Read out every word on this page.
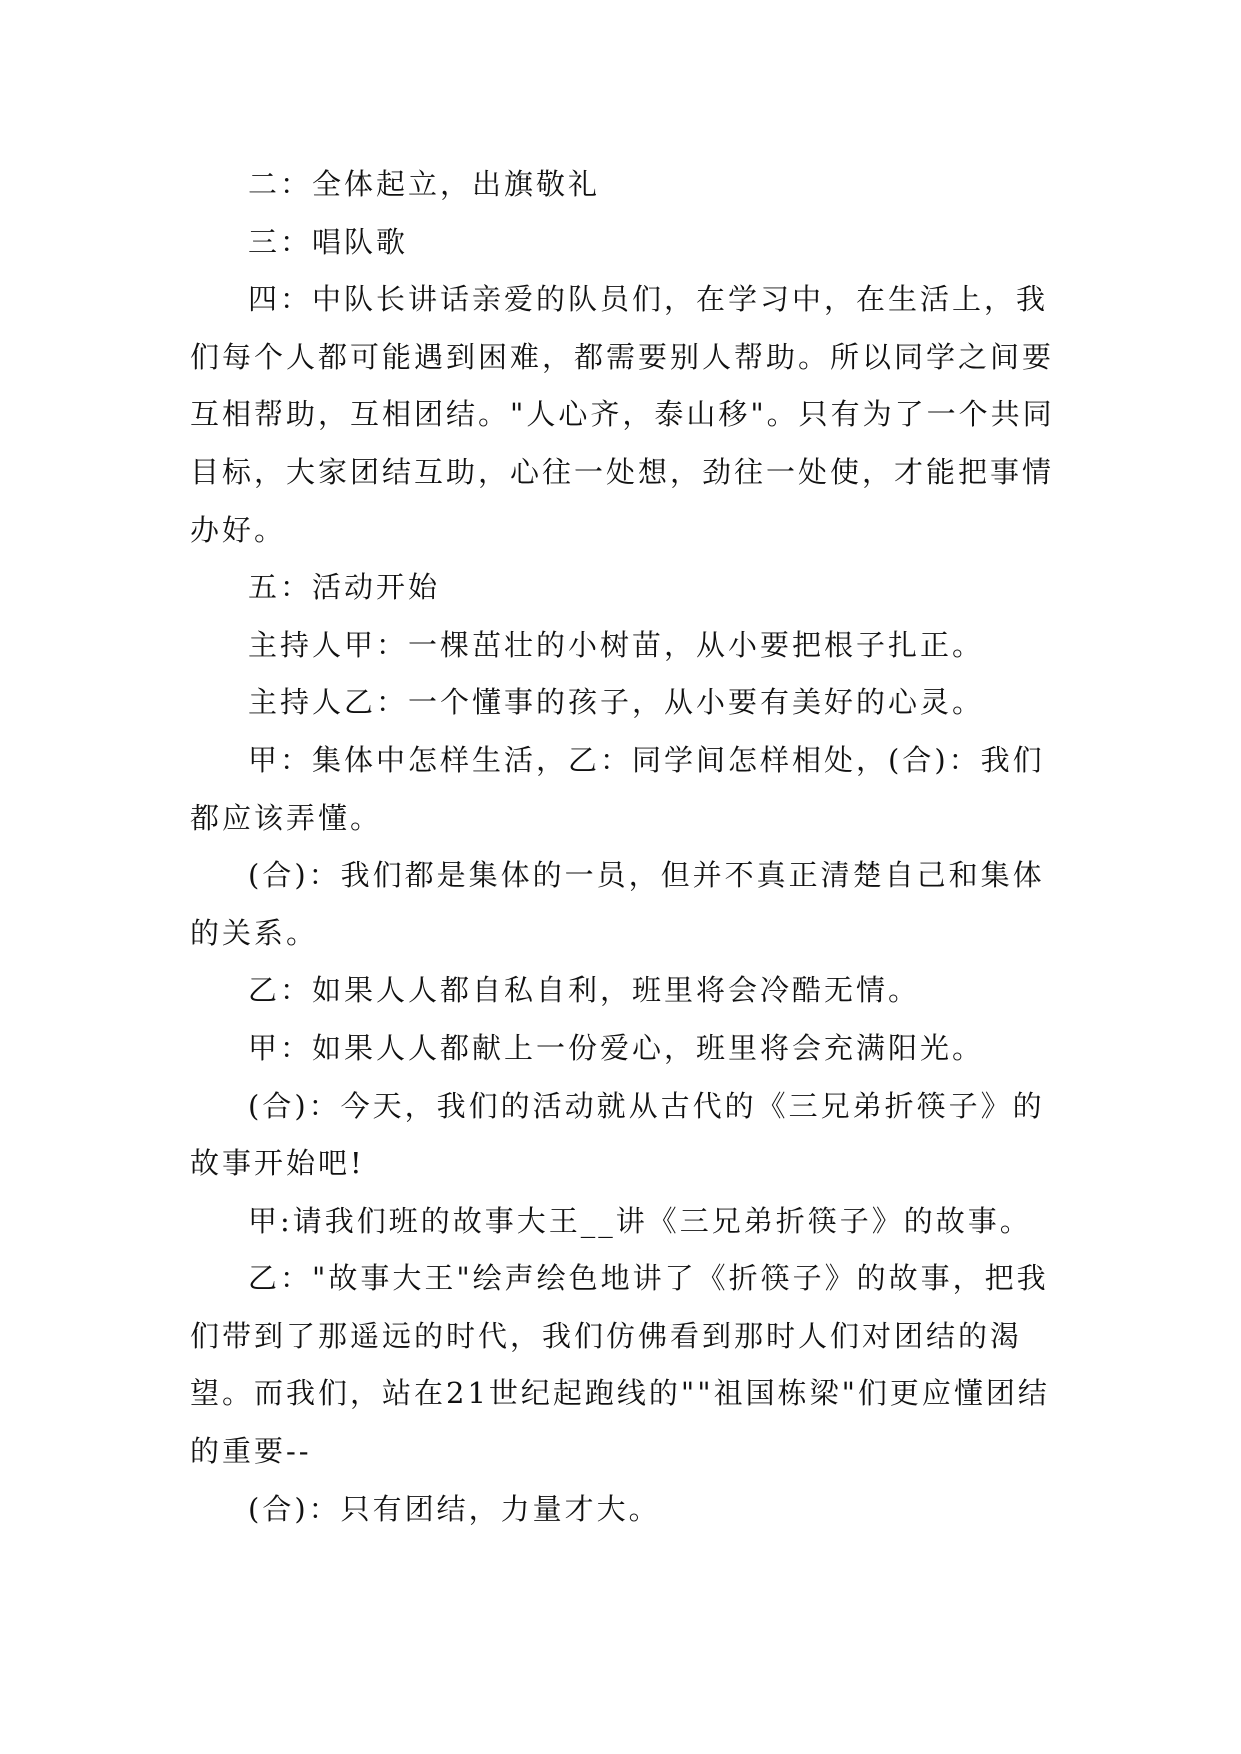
二：全体起立，出旗敬礼

三：唱队歌

四：中队长讲话亲爱的队员们，在学习中，在生活上，我们每个人都可能遇到困难，都需要别人帮助。所以同学之间要互相帮助，互相团结。"人心齐，泰山移"。只有为了一个共同目标，大家团结互助，心往一处想，劲往一处使，才能把事情办好。

五：活动开始

主持人甲：一棵茁壮的小树苗，从小要把根子扎正。

主持人乙：一个懂事的孩子，从小要有美好的心灵。

甲：集体中怎样生活，乙：同学间怎样相处，(合)：我们都应该弄懂。

(合)：我们都是集体的一员，但并不真正清楚自己和集体的关系。

乙：如果人人都自私自利，班里将会冷酷无情。

甲：如果人人都献上一份爱心，班里将会充满阳光。

(合)：今天，我们的活动就从古代的《三兄弟折筷子》的故事开始吧!

甲:请我们班的故事大王__讲《三兄弟折筷子》的故事。

乙："故事大王"绘声绘色地讲了《折筷子》的故事，把我们带到了那遥远的时代，我们仿佛看到那时人们对团结的渴望。而我们，站在21世纪起跑线的""祖国栋梁"们更应懂团结的重要--

(合)：只有团结，力量才大。
